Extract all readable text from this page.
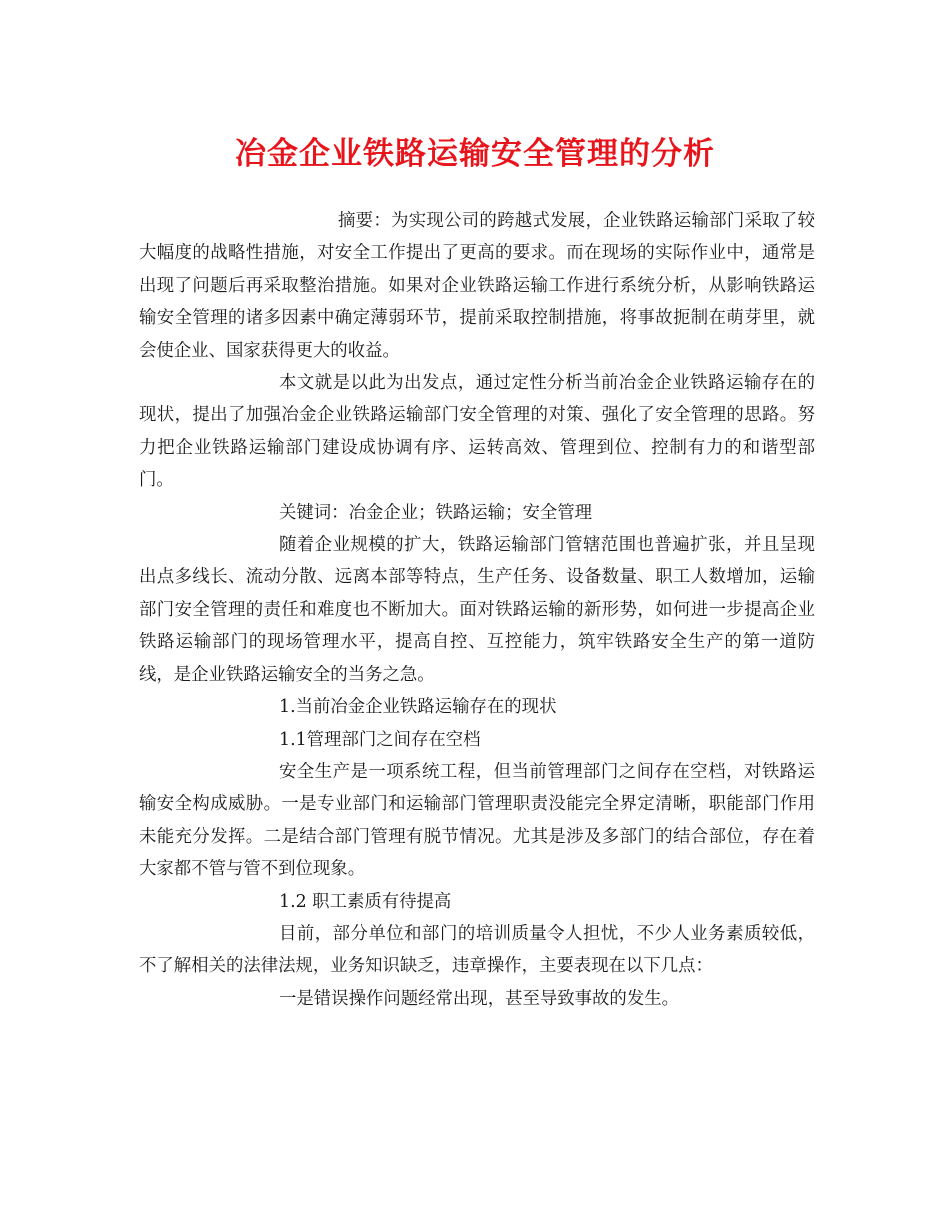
冶金企业铁路运输安全管理的分析

摘要：为实现公司的跨越式发展，企业铁路运输部门采取了较大幅度的战略性措施，对安全工作提出了更高的要求。而在现场的实际作业中，通常是出现了问题后再采取整治措施。如果对企业铁路运输工作进行系统分析，从影响铁路运输安全管理的诸多因素中确定薄弱环节，提前采取控制措施，将事故扼制在萌芽里，就会使企业、国家获得更大的收益。

本文就是以此为出发点，通过定性分析当前冶金企业铁路运输存在的现状，提出了加强冶金企业铁路运输部门安全管理的对策、强化了安全管理的思路。努力把企业铁路运输部门建设成协调有序、运转高效、管理到位、控制有力的和谐型部门。

关键词：冶金企业；铁路运输；安全管理

随着企业规模的扩大，铁路运输部门管辖范围也普遍扩张，并且呈现出点多线长、流动分散、远离本部等特点，生产任务、设备数量、职工人数增加，运输部门安全管理的责任和难度也不断加大。面对铁路运输的新形势，如何进一步提高企业铁路运输部门的现场管理水平，提高自控、互控能力，筑牢铁路安全生产的第一道防线，是企业铁路运输安全的当务之急。

1.当前冶金企业铁路运输存在的现状

1.1管理部门之间存在空档

安全生产是一项系统工程，但当前管理部门之间存在空档，对铁路运输安全构成威胁。一是专业部门和运输部门管理职责没能完全界定清晰，职能部门作用未能充分发挥。二是结合部门管理有脱节情况。尤其是涉及多部门的结合部位，存在着大家都不管与管不到位现象。

1.2 职工素质有待提高

目前，部分单位和部门的培训质量令人担忧，不少人业务素质较低，不了解相关的法律法规，业务知识缺乏，违章操作，主要表现在以下几点：

一是错误操作问题经常出现，甚至导致事故的发生。
